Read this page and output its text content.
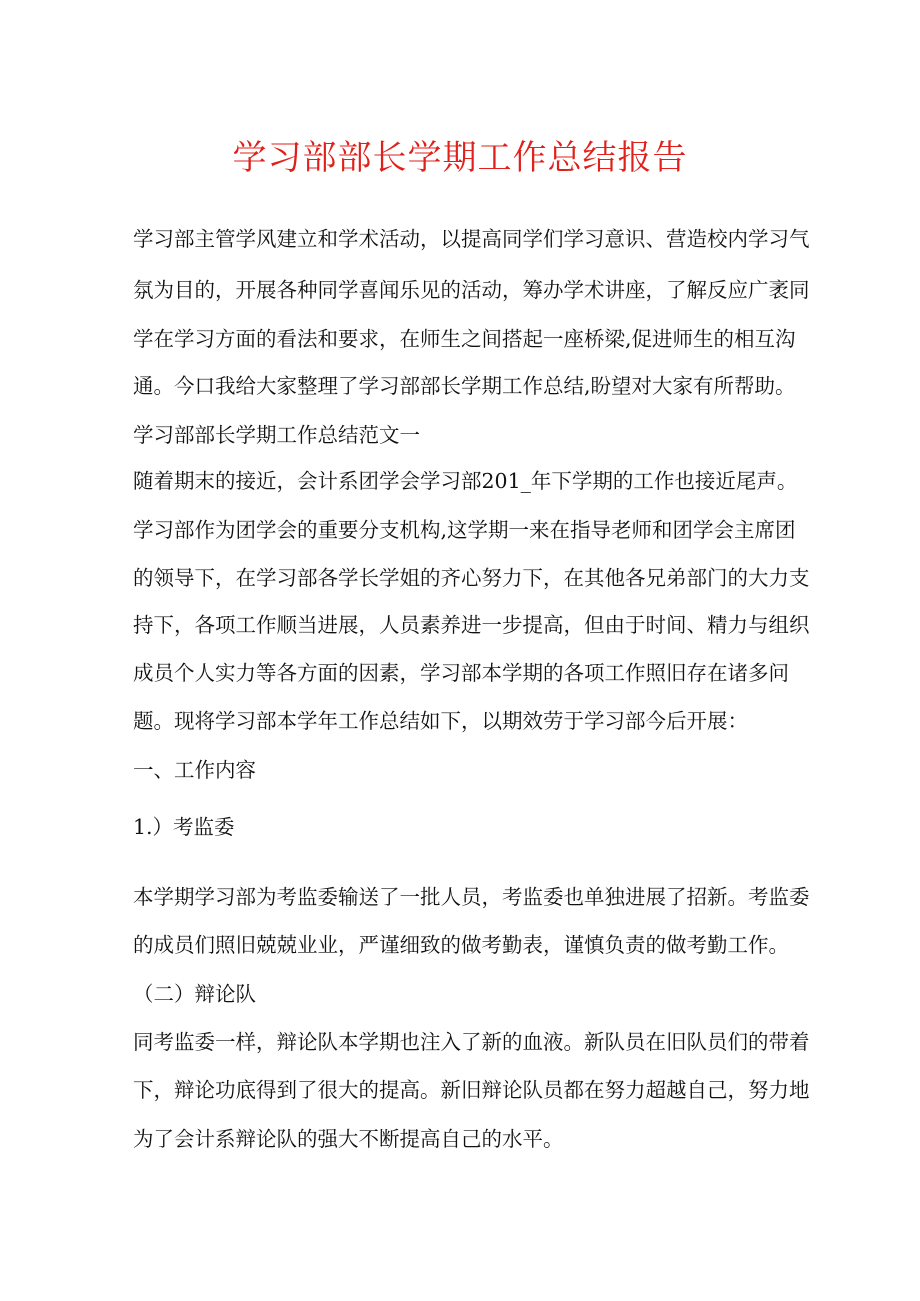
学习部部长学期工作总结报告
学习部主管学风建立和学术活动，以提高同学们学习意识、营造校内学习气
氛为目的，开展各种同学喜闻乐见的活动，筹办学术讲座，了解反应广袤同
学在学习方面的看法和要求，在师生之间搭起一座桥梁,促进师生的相互沟
通。今口我给大家整理了学习部部长学期工作总结,盼望对大家有所帮助。
学习部部长学期工作总结范文一
随着期末的接近，会计系团学会学习部201_年下学期的工作也接近尾声。
学习部作为团学会的重要分支机构,这学期一来在指导老师和团学会主席团
的领导下，在学习部各学长学姐的齐心努力下，在其他各兄弟部门的大力支
持下，各项工作顺当进展，人员素养进一步提高，但由于时间、精力与组织
成员个人实力等各方面的因素，学习部本学期的各项工作照旧存在诸多问
题。现将学习部本学年工作总结如下，以期效劳于学习部今后开展：
一、工作内容
1.）考监委
本学期学习部为考监委输送了一批人员，考监委也单独进展了招新。考监委
的成员们照旧兢兢业业，严谨细致的做考勤表，谨慎负责的做考勤工作。
（二）辩论队
同考监委一样，辩论队本学期也注入了新的血液。新队员在旧队员们的带着
下，辩论功底得到了很大的提高。新旧辩论队员都在努力超越自己，努力地
为了会计系辩论队的强大不断提高自己的水平。
